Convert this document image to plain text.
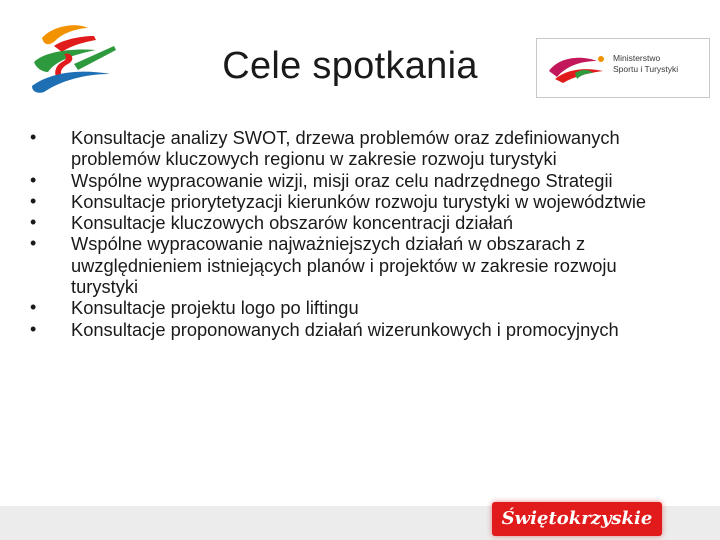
Cele spotkania	Ministerstwo
Sportu i Turystyki
• Konsultacje analizy SWOT, drzewa problemów oraz zdefiniowanych problemów kluczowych regionu w zakresie rozwoju turystyki
• Wspólne wypracowanie wizji, misji oraz celu nadrzędnego Strategii
• Konsultacje priorytetyzacji kierunków rozwoju turystyki w województwie
• Konsultacje kluczowych obszarów koncentracji działań
• Wspólne wypracowanie najważniejszych działań w obszarach z uwzględnieniem istniejących planów i projektów w zakresie rozwoju turystyki
• Konsultacje projektu logo po liftingu
• Konsultacje proponowanych działań wizerunkowych i promocyjnych
Świętokrzyskie
